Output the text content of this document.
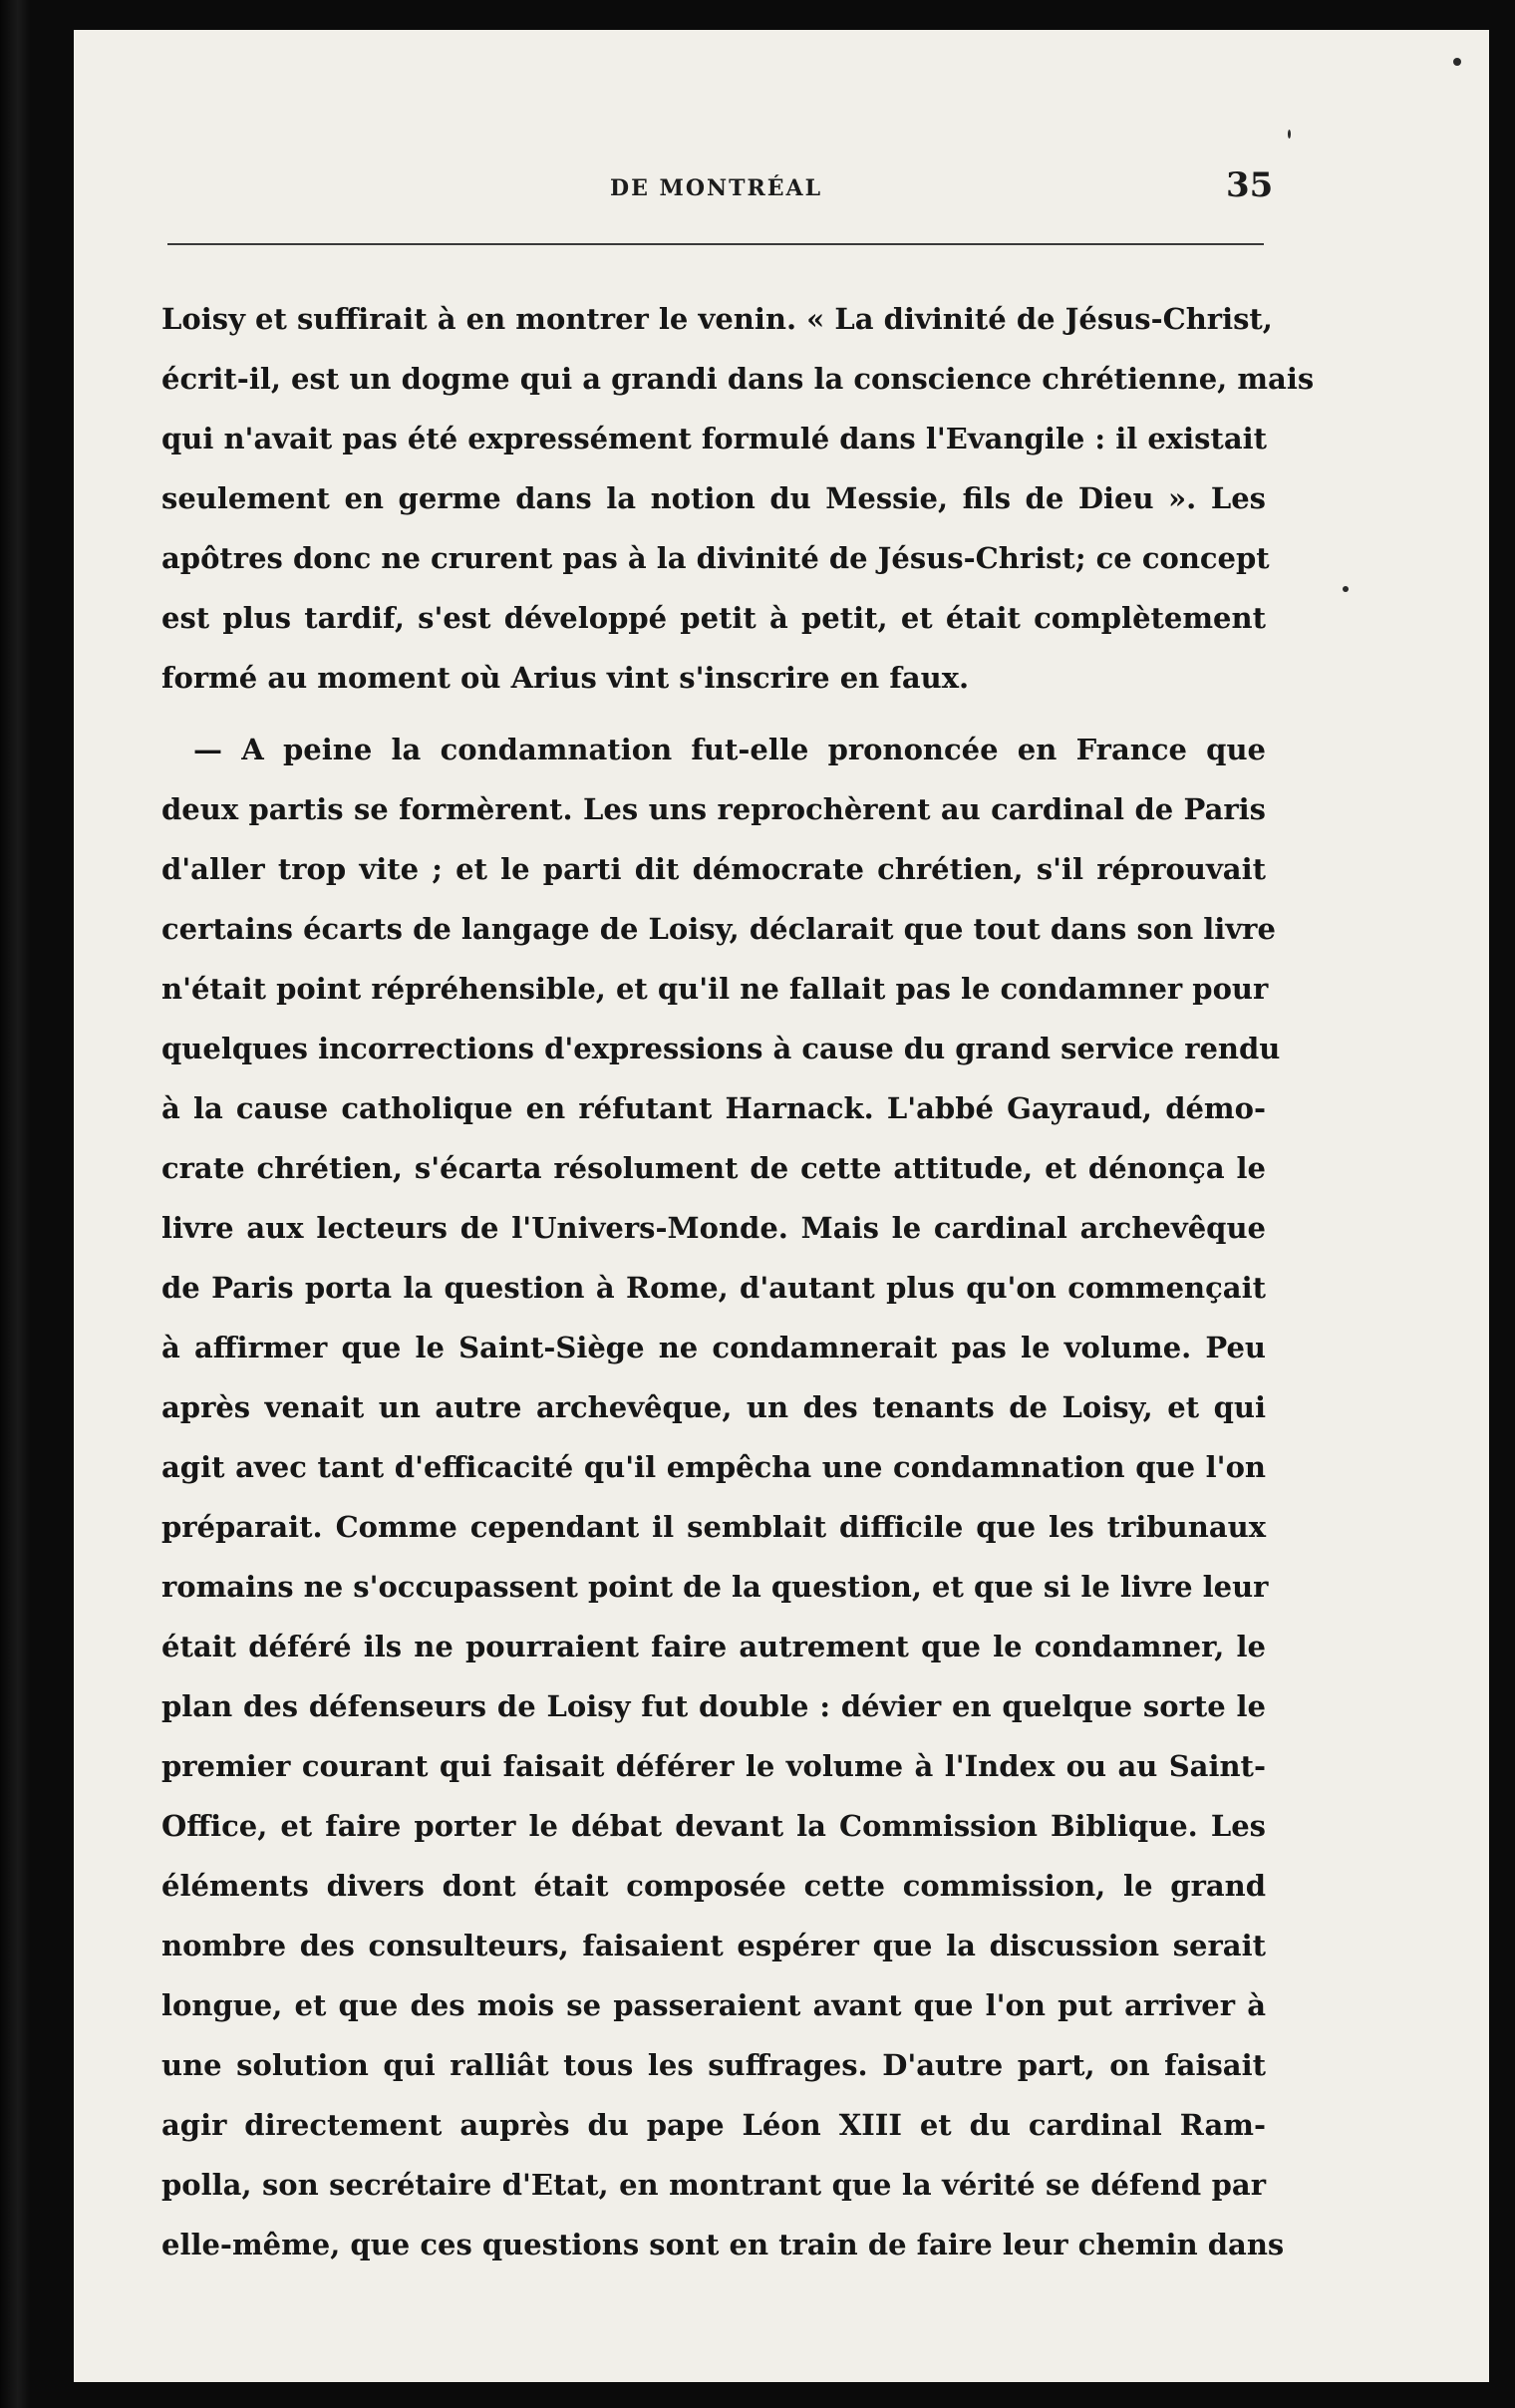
DE MONTRÉAL	35
Loisy et suffirait à en montrer le venin. « La divinité de Jésus-Christ,
écrit-il, est un dogme qui a grandi dans la conscience chrétienne, mais
qui n'avait pas été expressément formulé dans l'Evangile : il existait
seulement en germe dans la notion du Messie, fils de Dieu ». Les
apôtres donc ne crurent pas à la divinité de Jésus-Christ; ce concept
est plus tardif, s'est développé petit à petit, et était complètement
formé au moment où Arius vint s'inscrire en faux.
— A peine la condamnation fut-elle prononcée en France que
deux partis se formèrent. Les uns reprochèrent au cardinal de Paris
d'aller trop vite ; et le parti dit démocrate chrétien, s'il réprouvait
certains écarts de langage de Loisy, déclarait que tout dans son livre
n'était point répréhensible, et qu'il ne fallait pas le condamner pour
quelques incorrections d'expressions à cause du grand service rendu
à la cause catholique en réfutant Harnack. L'abbé Gayraud, démo-
crate chrétien, s'écarta résolument de cette attitude, et dénonça le
livre aux lecteurs de l'Univers-Monde. Mais le cardinal archevêque
de Paris porta la question à Rome, d'autant plus qu'on commençait
à affirmer que le Saint-Siège ne condamnerait pas le volume. Peu
après venait un autre archevêque, un des tenants de Loisy, et qui
agit avec tant d'efficacité qu'il empêcha une condamnation que l'on
préparait. Comme cependant il semblait difficile que les tribunaux
romains ne s'occupassent point de la question, et que si le livre leur
était déféré ils ne pourraient faire autrement que le condamner, le
plan des défenseurs de Loisy fut double : dévier en quelque sorte le
premier courant qui faisait déférer le volume à l'Index ou au Saint-
Office, et faire porter le débat devant la Commission Biblique. Les
éléments divers dont était composée cette commission, le grand
nombre des consulteurs, faisaient espérer que la discussion serait
longue, et que des mois se passeraient avant que l'on put arriver à
une solution qui ralliât tous les suffrages. D'autre part, on faisait
agir directement auprès du pape Léon XIII et du cardinal Ram-
polla, son secrétaire d'Etat, en montrant que la vérité se défend par
elle-même, que ces questions sont en train de faire leur chemin dans
